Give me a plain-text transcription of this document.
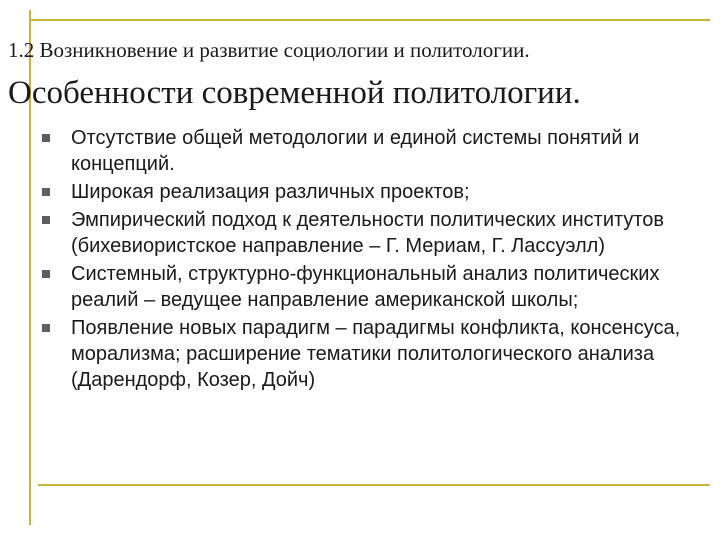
1.2 Возникновение и развитие социологии и политологии.
Особенности современной политологии.
Отсутствие общей методологии и единой системы понятий и концепций.
Широкая реализация различных проектов;
Эмпирический подход к деятельности политических институтов (бихевиористское направление – Г. Мериам, Г. Лассуэлл)
Системный, структурно-функциональный анализ политических реалий – ведущее направление американской школы;
Появление новых парадигм – парадигмы конфликта, консенсуса, морализма; расширение тематики политологического анализа (Дарендорф, Козер, Дойч)
